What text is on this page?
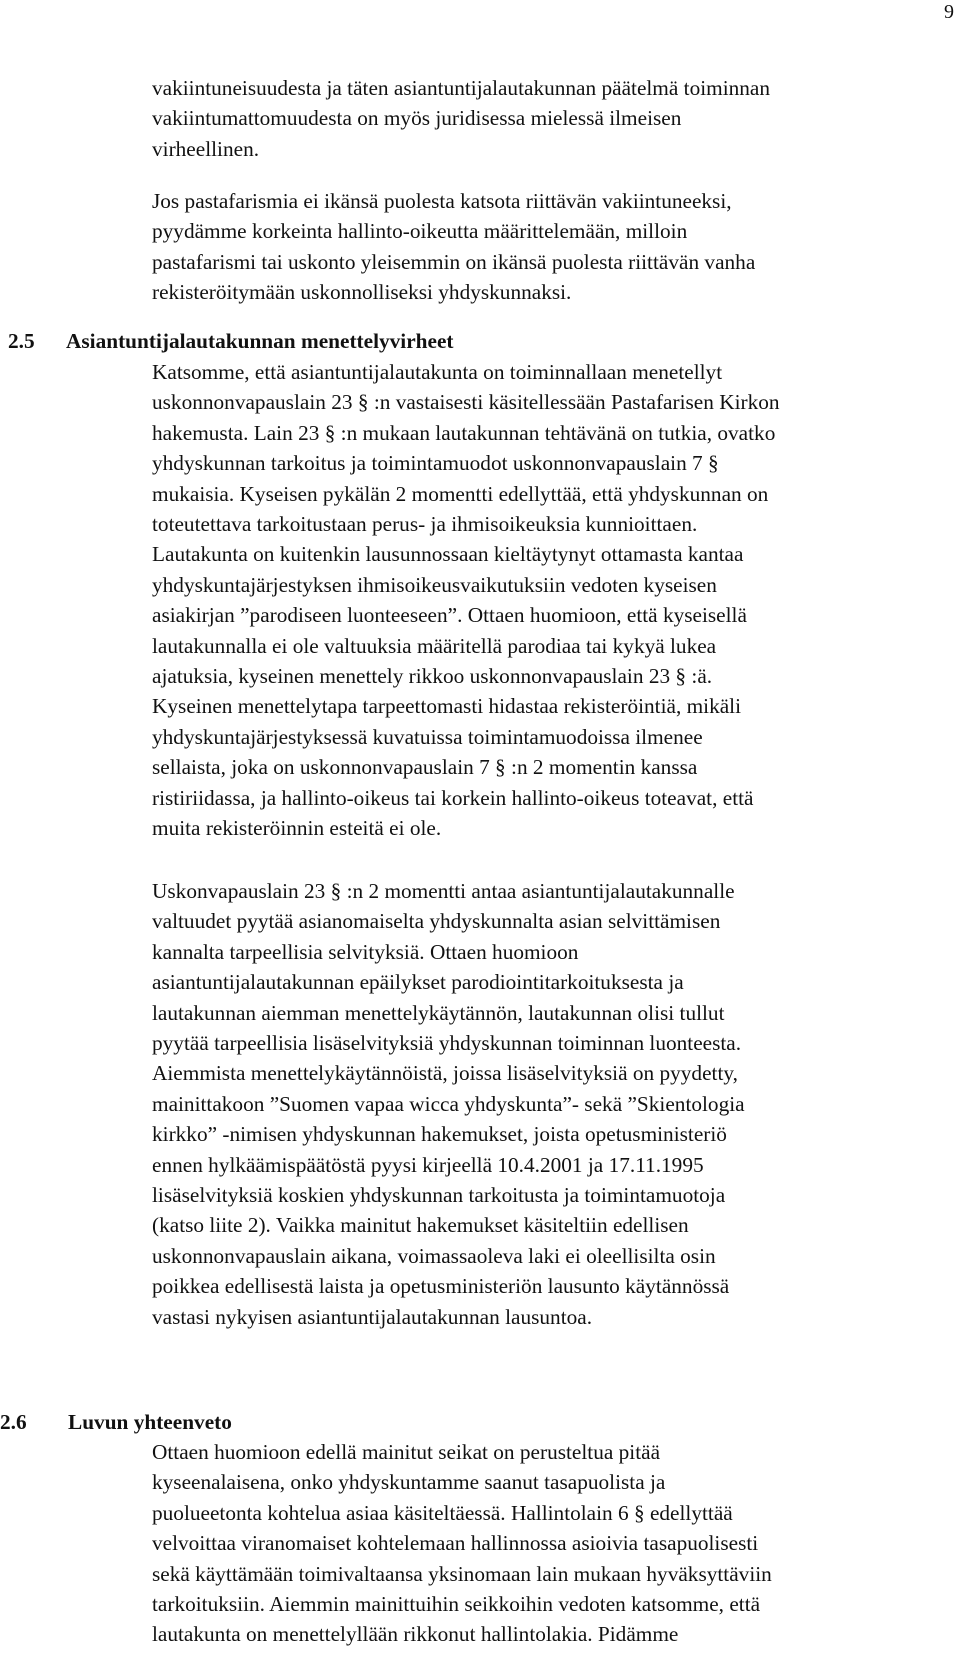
9
vakiintuneisuudesta ja täten asiantuntijalautakunnan päätelmä toiminnan
vakiintumattomuudesta on myös juridisessa mielessä ilmeisen
virheellinen.
Jos pastafarismia ei ikänsä puolesta katsota riittävän vakiintuneeksi,
pyydämme korkeinta hallinto-oikeutta määrittelemään, milloin
pastafarismi tai uskonto yleisemmin on ikänsä puolesta riittävän vanha
rekisteröitymään uskonnolliseksi yhdyskunnaksi.
2.5 Asiantuntijalautakunnan menettelyvirheet
Katsomme, että asiantuntijalautakunta on toiminnallaan menetellyt
uskonnonvapauslain 23 § :n vastaisesti käsitellessään Pastafarisen Kirkon
hakemusta. Lain 23 § :n mukaan lautakunnan tehtävänä on tutkia, ovatko
yhdyskunnan tarkoitus ja toimintamuodot uskonnonvapauslain 7 §
mukaisia. Kyseisen pykälän 2 momentti edellyttää, että yhdyskunnan on
toteutettava tarkoitustaan perus- ja ihmisoikeuksia kunnioittaen.
Lautakunta on kuitenkin lausunnossaan kieltäytynyt ottamasta kantaa
yhdyskuntajärjestyksen ihmisoikeusvaikutuksiin vedoten kyseisen
asiakirjan ”parodiseen luonteeseen”. Ottaen huomioon, että kyseisellä
lautakunnalla ei ole valtuuksia määritellä parodiaa tai kykyä lukea
ajatuksia, kyseinen menettely rikkoo uskonnonvapauslain 23 § :ä.
Kyseinen menettelytapa tarpeettomasti hidastaa rekisteröintiä, mikäli
yhdyskuntajärjestyksessä kuvatuissa toimintamuodoissa ilmenee
sellaista, joka on uskonnonvapauslain 7 § :n 2 momentin kanssa
ristiriidassa, ja hallinto-oikeus tai korkein hallinto-oikeus toteavat, että
muita rekisteröinnin esteitä ei ole.
Uskonvapauslain 23 § :n 2 momentti antaa asiantuntijalautakunnalle
valtuudet pyytää asianomaiselta yhdyskunnalta asian selvittämisen
kannalta tarpeellisia selvityksiä. Ottaen huomioon
asiantuntijalautakunnan epäilykset parodiointitarkoituksesta ja
lautakunnan aiemman menettelykäytännön, lautakunnan olisi tullut
pyytää tarpeellisia lisäselvityksiä yhdyskunnan toiminnan luonteesta.
Aiemmista menettelykäytännöistä, joissa lisäselvityksiä on pyydetty,
mainittakoon ”Suomen vapaa wicca yhdyskunta”- sekä ”Skientologia
kirkko” -nimisen yhdyskunnan hakemukset, joista opetusministeriö
ennen hylkäämispäätöstä pyysi kirjeellä 10.4.2001 ja 17.11.1995
lisäselvityksiä koskien yhdyskunnan tarkoitusta ja toimintamuotoja
(katso liite 2). Vaikka mainitut hakemukset käsiteltiin edellisen
uskonnonvapauslain aikana, voimassaoleva laki ei oleellisilta osin
poikkea edellisestä laista ja opetusministeriön lausunto käytännössä
vastasi nykyisen asiantuntijalautakunnan lausuntoa.
2.6 Luvun yhteenveto
Ottaen huomioon edellä mainitut seikat on perusteltua pitää
kyseenalaisena, onko yhdyskuntamme saanut tasapuolista ja
puolueetonta kohtelua asiaa käsiteltäessä. Hallintolain 6 § edellyttää
velvoittaa viranomaiset kohtelemaan hallinnossa asioivia tasapuolisesti
sekä käyttämään toimivaltaansa yksinomaan lain mukaan hyväksyttäviin
tarkoituksiin. Aiemmin mainittuihin seikkoihin vedoten katsomme, että
lautakunta on menettelyllään rikkonut hallintolakia. Pidämme
